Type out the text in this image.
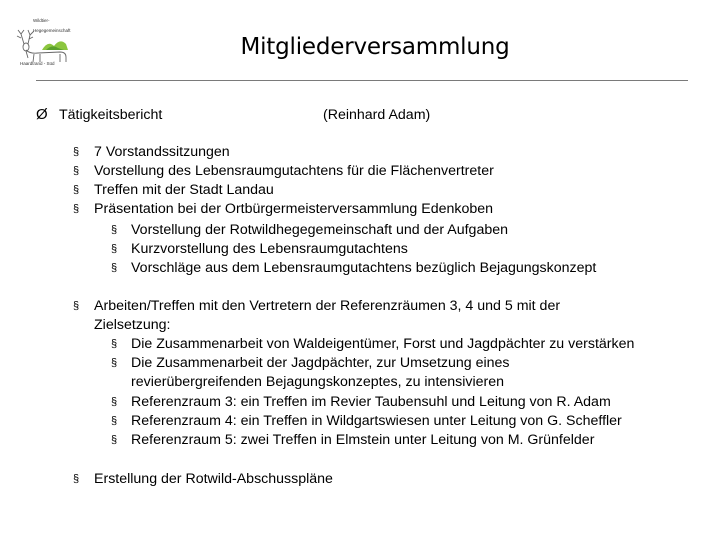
Wildtier-
Hegegemeinschaft
Haardtrand - Süd
Mitgliederversammlung
Ø Tätigkeitsbericht	(Reinhard Adam)
§ 7 Vorstandssitzungen
§ Vorstellung des Lebensraumgutachtens für die Flächenvertreter
§ Treffen mit der Stadt Landau
§ Präsentation bei der Ortbürgermeisterversammlung Edenkoben
§ Vorstellung der Rotwildhegegemeinschaft und der Aufgaben
§ Kurzvorstellung des Lebensraumgutachtens
§ Vorschläge aus dem Lebensraumgutachtens bezüglich Bejagungskonzept
§ Arbeiten/Treffen mit den Vertretern der Referenzräumen 3, 4 und 5 mit der
Zielsetzung:
§ Die Zusammenarbeit von Waldeigentümer, Forst und Jagdpächter zu verstärken
§ Die Zusammenarbeit der Jagdpächter, zur Umsetzung eines
revierübergreifenden Bejagungskonzeptes, zu intensivieren
§ Referenzraum 3: ein Treffen im Revier Taubensuhl und Leitung von R. Adam
§ Referenzraum 4: ein Treffen in Wildgartswiesen unter Leitung von G. Scheffler
§ Referenzraum 5: zwei Treffen in Elmstein unter Leitung von M. Grünfelder
§ Erstellung der Rotwild-Abschusspläne
